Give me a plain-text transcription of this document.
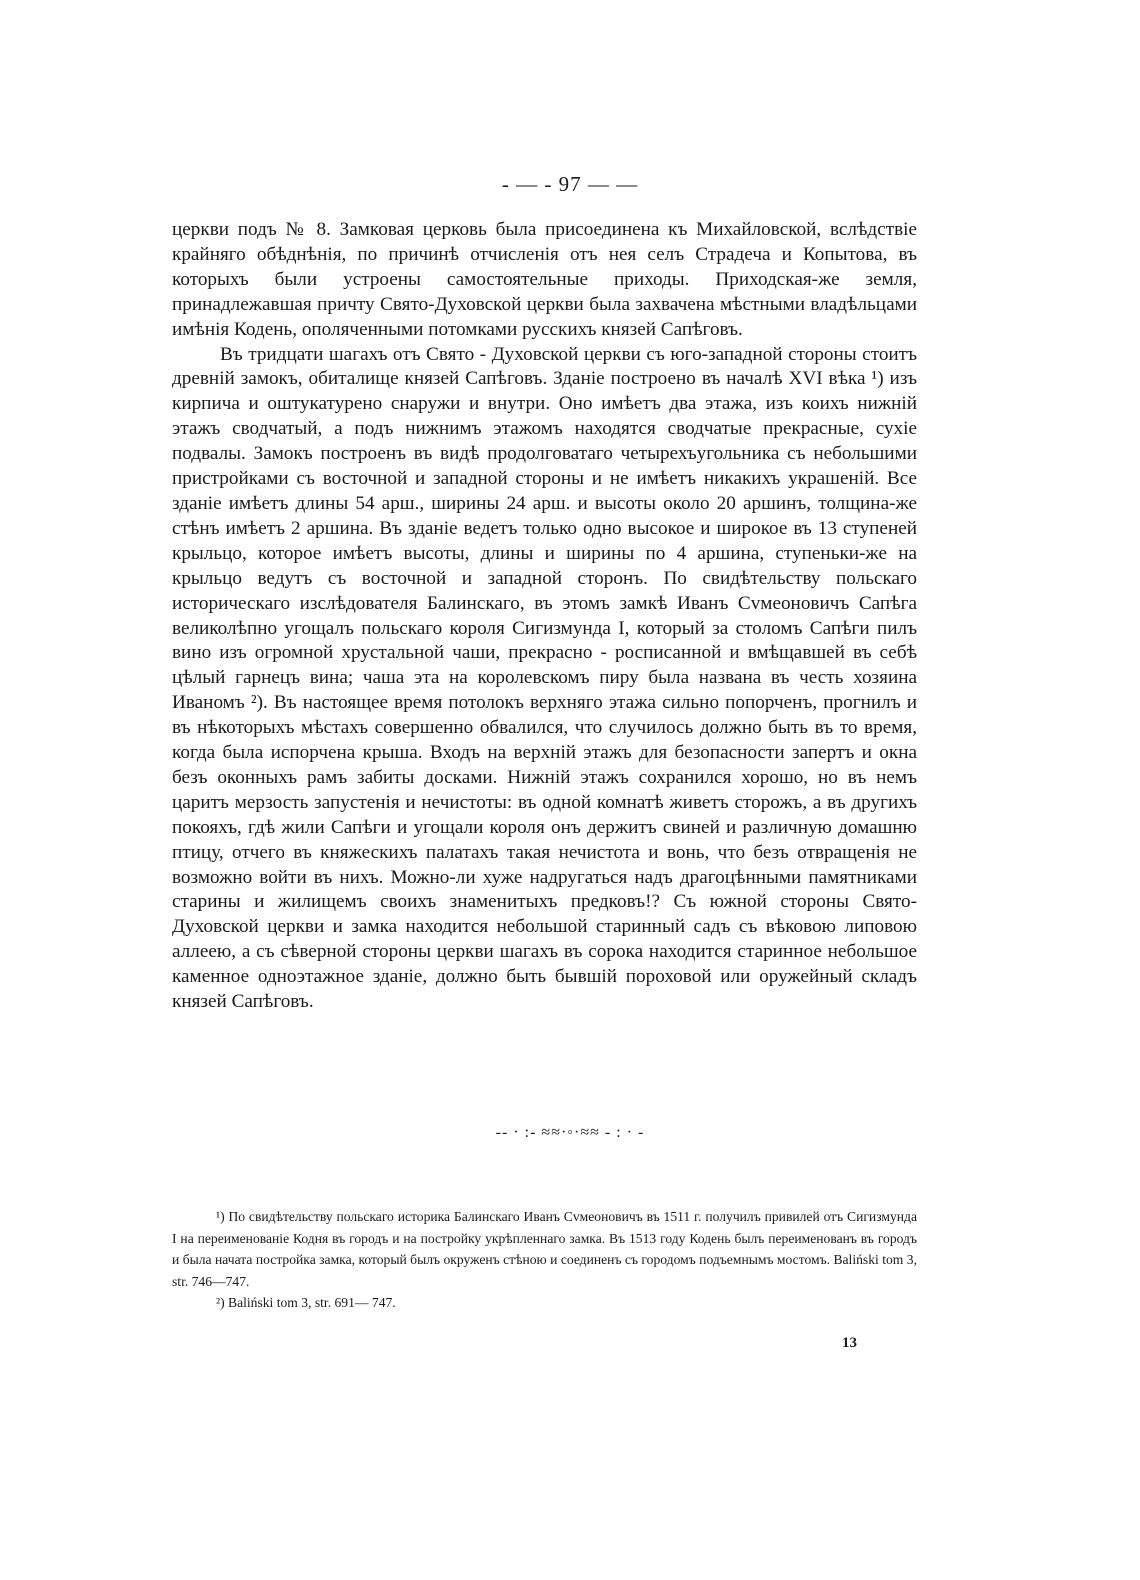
- — - 97 — —

церкви подъ № 8. Замковая церковь была присоединена къ Михайловской, вслѣдствіе крайняго обѣднѣнія, по причинѣ отчисленія отъ нея селъ Страдеча и Копытова, въ которыхъ были устроены самостоятельные приходы. Приходская-же земля, принадлежавшая причту Свято-Духовской церкви была захвачена мѣстными владѣльцами имѣнія Кодень, ополяченными потомками русскихъ князей Сапѣговъ.

Въ тридцати шагахъ отъ Свято - Духовской церкви съ юго-западной стороны стоитъ древній замокъ, обиталище князей Сапѣговъ. Зданіе построено въ началѣ XVI вѣка ¹) изъ кирпича и оштукатурено снаружи и внутри. Оно имѣетъ два этажа, изъ коихъ нижній этажъ сводчатый, а подъ нижнимъ этажомъ находятся сводчатые прекрасные, сухіе подвалы. Замокъ построенъ въ видѣ продолговатаго четырехъугольника съ небольшими пристройками съ восточной и западной стороны и не имѣетъ никакихъ украшеній. Все зданіе имѣетъ длины 54 арш., ширины 24 арш. и высоты около 20 аршинъ, толщина-же стѣнъ имѣетъ 2 аршина. Въ зданіе ведетъ только одно высокое и широкое въ 13 ступеней крыльцо, которое имѣетъ высоты, длины и ширины по 4 аршина, ступеньки-же на крыльцо ведутъ съ восточной и западной сторонъ. По свидѣтельству польскаго историческаго изслѣдователя Балинскаго, въ этомъ замкѣ Иванъ Сvмеоновичъ Сапѣга великолѣпно угощалъ польскаго короля Сигизмунда I, который за столомъ Сапѣги пилъ вино изъ огромной хрустальной чаши, прекрасно - росписанной и вмѣщавшей въ себѣ цѣлый гарнецъ вина; чаша эта на королевскомъ пиру была названа въ честь хозяина Иваномъ ²). Въ настоящее время потолокъ верхняго этажа сильно попорченъ, прогнилъ и въ нѣкоторыхъ мѣстахъ совершенно обвалился, что случилось должно быть въ то время, когда была испорчена крыша. Входъ на верхній этажъ для безопасности запертъ и окна безъ оконныхъ рамъ забиты досками. Нижній этажъ сохранился хорошо, но въ немъ царитъ мерзость запустенія и нечистоты: въ одной комнатѣ живетъ сторожъ, а въ другихъ покояхъ, гдѣ жили Сапѣги и угощали короля онъ держитъ свиней и различную домашню птицу, отчего въ княжескихъ палатахъ такая нечистота и вонь, что безъ отвращенія не возможно войти въ нихъ. Можно-ли хуже надругаться надъ драгоцѣнными памятниками старины и жилищемъ своихъ знаменитыхъ предковъ!? Съ южной стороны Свято-Духовской церкви и замка находится небольшой старинный садъ съ вѣковою липовою аллеею, а съ сѣверной стороны церкви шагахъ въ сорока находится старинное небольшое каменное одноэтажное зданіе, должно быть бывшій пороховой или оружейный складъ князей Сапѣговъ.

-- · :- ≈≈·◦·≈≈ - : · -

¹) По свидѣтельству польскаго историка Балинскаго Иванъ Сvмеоновичъ въ 1511 г. получилъ привилей отъ Сигизмунда I на переименованіе Кодня въ городъ и на постройку укрѣпленнаго замка. Въ 1513 году Кодень былъ переименованъ въ городъ и была начата постройка замка, который былъ окруженъ стѣною и соединенъ съ городомъ подъемнымъ мостомъ. Baliński tom 3, str. 746—747.

²) Baliński tom 3, str. 691— 747.

13
